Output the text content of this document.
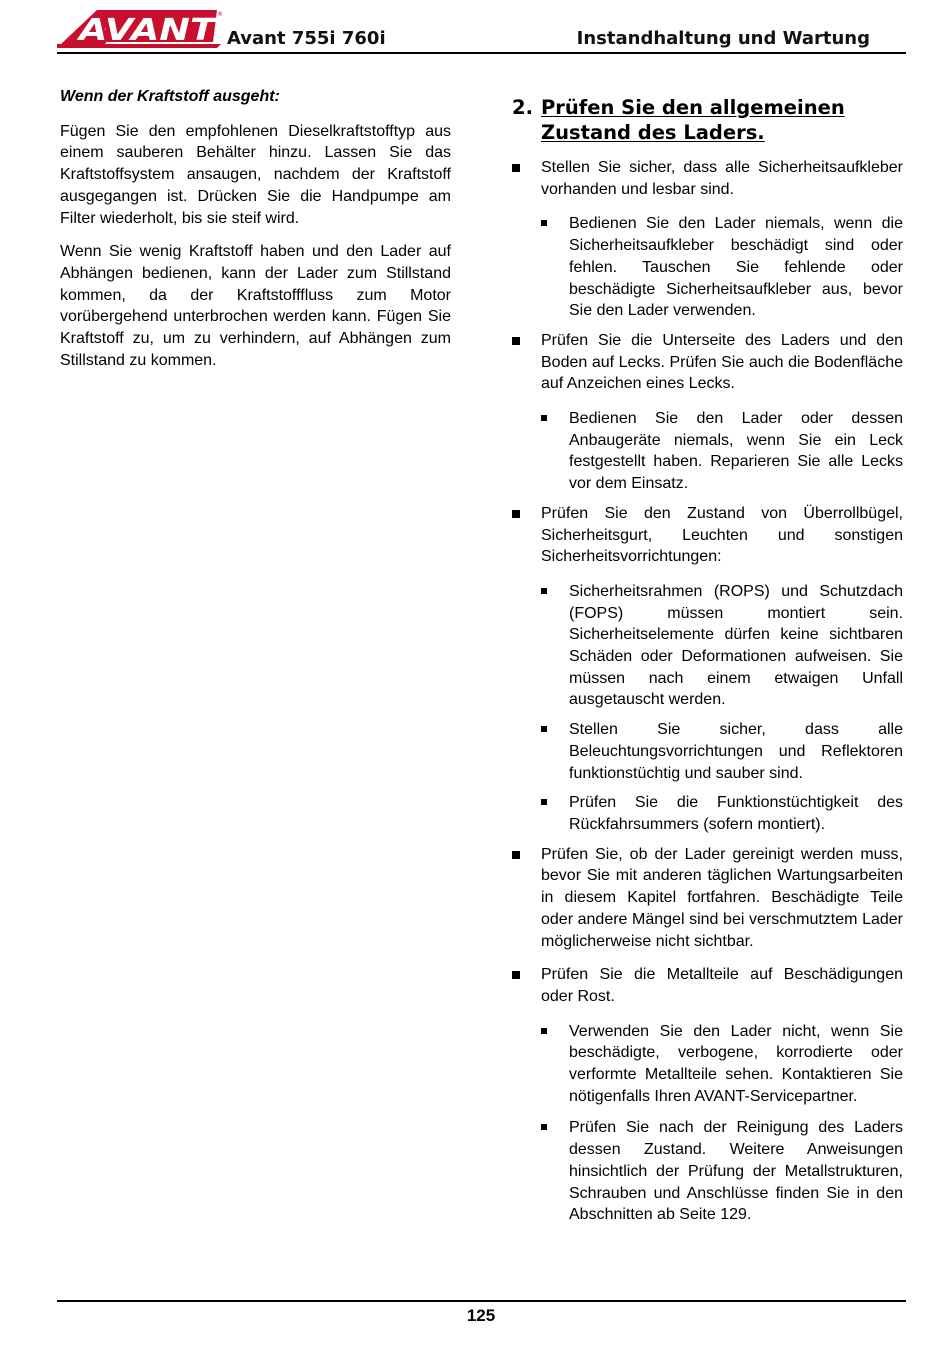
AVANT
®
Avant 755i 760i	Instandhaltung und Wartung
Wenn der Kraftstoff ausgeht:

Fügen Sie den empfohlenen Dieselkraftstofftyp aus einem sauberen Behälter hinzu. Lassen Sie das Kraftstoffsystem ansaugen, nachdem der Kraftstoff ausgegangen ist. Drücken Sie die Handpumpe am Filter wiederholt, bis sie steif wird.

Wenn Sie wenig Kraftstoff haben und den Lader auf Abhängen bedienen, kann der Lader zum Stillstand kommen, da der Kraftstofffluss zum Motor vorübergehend unterbrochen werden kann. Fügen Sie Kraftstoff zu, um zu verhindern, auf Abhängen zum Stillstand zu kommen.

2. Prüfen Sie den allgemeinen Zustand des Laders.
Stellen Sie sicher, dass alle Sicherheitsaufkleber vorhanden und lesbar sind.
Bedienen Sie den Lader niemals, wenn die Sicherheitsaufkleber beschädigt sind oder fehlen. Tauschen Sie fehlende oder beschädigte Sicherheitsaufkleber aus, bevor Sie den Lader verwenden.
Prüfen Sie die Unterseite des Laders und den Boden auf Lecks. Prüfen Sie auch die Bodenfläche auf Anzeichen eines Lecks.
Bedienen Sie den Lader oder dessen Anbaugeräte niemals, wenn Sie ein Leck festgestellt haben. Reparieren Sie alle Lecks vor dem Einsatz.
Prüfen Sie den Zustand von Überrollbügel, Sicherheitsgurt, Leuchten und sonstigen Sicherheitsvorrichtungen:
Sicherheitsrahmen (ROPS) und Schutzdach (FOPS) müssen montiert sein. Sicherheitselemente dürfen keine sichtbaren Schäden oder Deformationen aufweisen. Sie müssen nach einem etwaigen Unfall ausgetauscht werden.
Stellen Sie sicher, dass alle Beleuchtungsvorrichtungen und Reflektoren funktionstüchtig und sauber sind.
Prüfen Sie die Funktionstüchtigkeit des Rückfahrsummers (sofern montiert).
Prüfen Sie, ob der Lader gereinigt werden muss, bevor Sie mit anderen täglichen Wartungsarbeiten in diesem Kapitel fortfahren. Beschädigte Teile oder andere Mängel sind bei verschmutztem Lader möglicherweise nicht sichtbar.
Prüfen Sie die Metallteile auf Beschädigungen oder Rost.
Verwenden Sie den Lader nicht, wenn Sie beschädigte, verbogene, korrodierte oder verformte Metallteile sehen. Kontaktieren Sie nötigenfalls Ihren AVANT-Servicepartner.
Prüfen Sie nach der Reinigung des Laders dessen Zustand. Weitere Anweisungen hinsichtlich der Prüfung der Metallstrukturen, Schrauben und Anschlüsse finden Sie in den Abschnitten ab Seite 129.
125
